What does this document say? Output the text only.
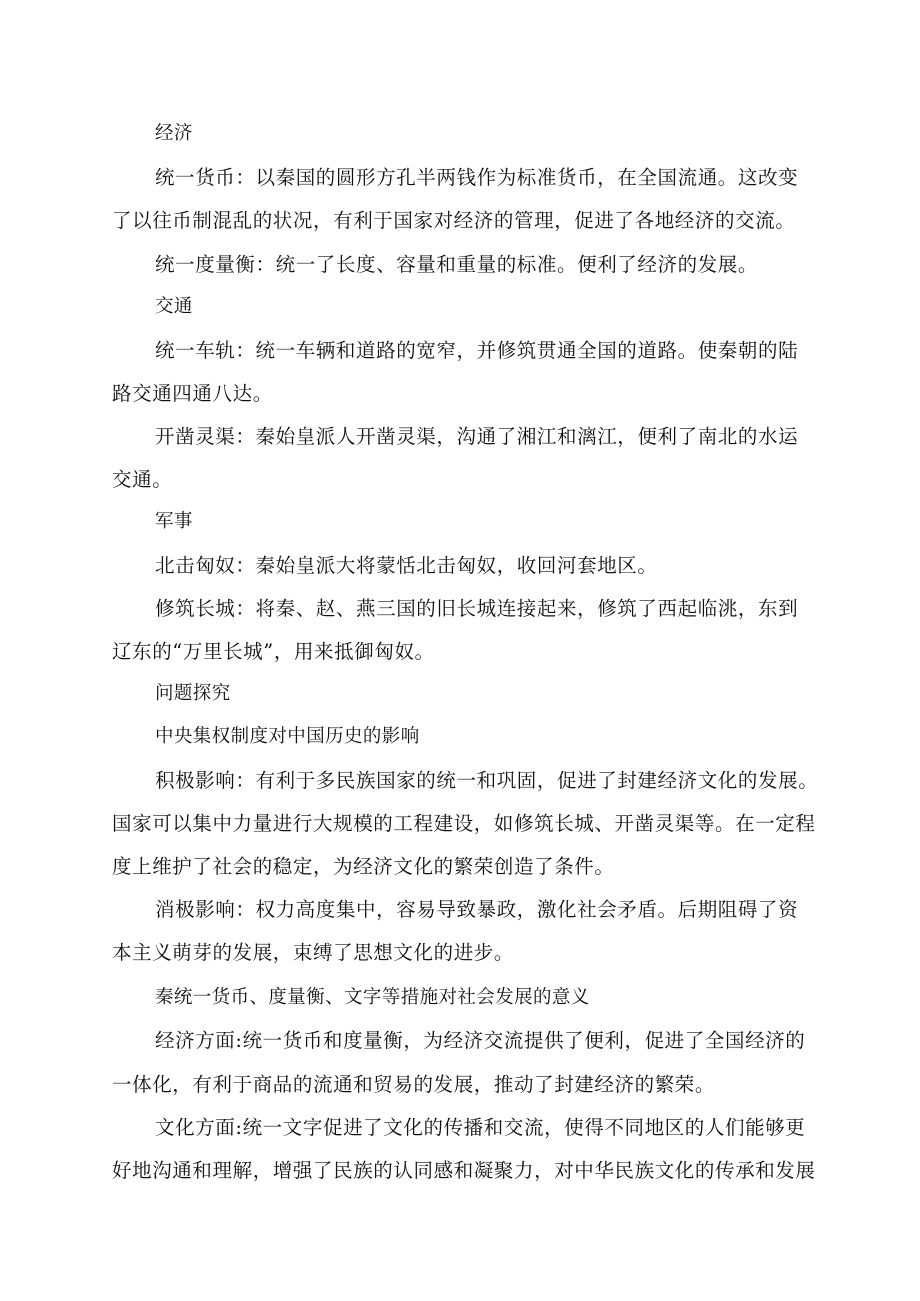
经济
统一货币：以秦国的圆形方孔半两钱作为标准货币，在全国流通。这改变
了以往币制混乱的状况，有利于国家对经济的管理，促进了各地经济的交流。
统一度量衡：统一了长度、容量和重量的标准。便利了经济的发展。
交通
统一车轨：统一车辆和道路的宽窄，并修筑贯通全国的道路。使秦朝的陆
路交通四通八达。
开凿灵渠：秦始皇派人开凿灵渠，沟通了湘江和漓江，便利了南北的水运
交通。
军事
北击匈奴：秦始皇派大将蒙恬北击匈奴，收回河套地区。
修筑长城：将秦、赵、燕三国的旧长城连接起来，修筑了西起临洮，东到
辽东的“万里长城”，用来抵御匈奴。
问题探究
中央集权制度对中国历史的影响
积极影响：有利于多民族国家的统一和巩固，促进了封建经济文化的发展。
国家可以集中力量进行大规模的工程建设，如修筑长城、开凿灵渠等。在一定程
度上维护了社会的稳定，为经济文化的繁荣创造了条件。
消极影响：权力高度集中，容易导致暴政，激化社会矛盾。后期阻碍了资
本主义萌芽的发展，束缚了思想文化的进步。
秦统一货币、度量衡、文字等措施对社会发展的意义
经济方面:统一货币和度量衡，为经济交流提供了便利，促进了全国经济的
一体化，有利于商品的流通和贸易的发展，推动了封建经济的繁荣。
文化方面:统一文字促进了文化的传播和交流，使得不同地区的人们能够更
好地沟通和理解，增强了民族的认同感和凝聚力，对中华民族文化的传承和发展
